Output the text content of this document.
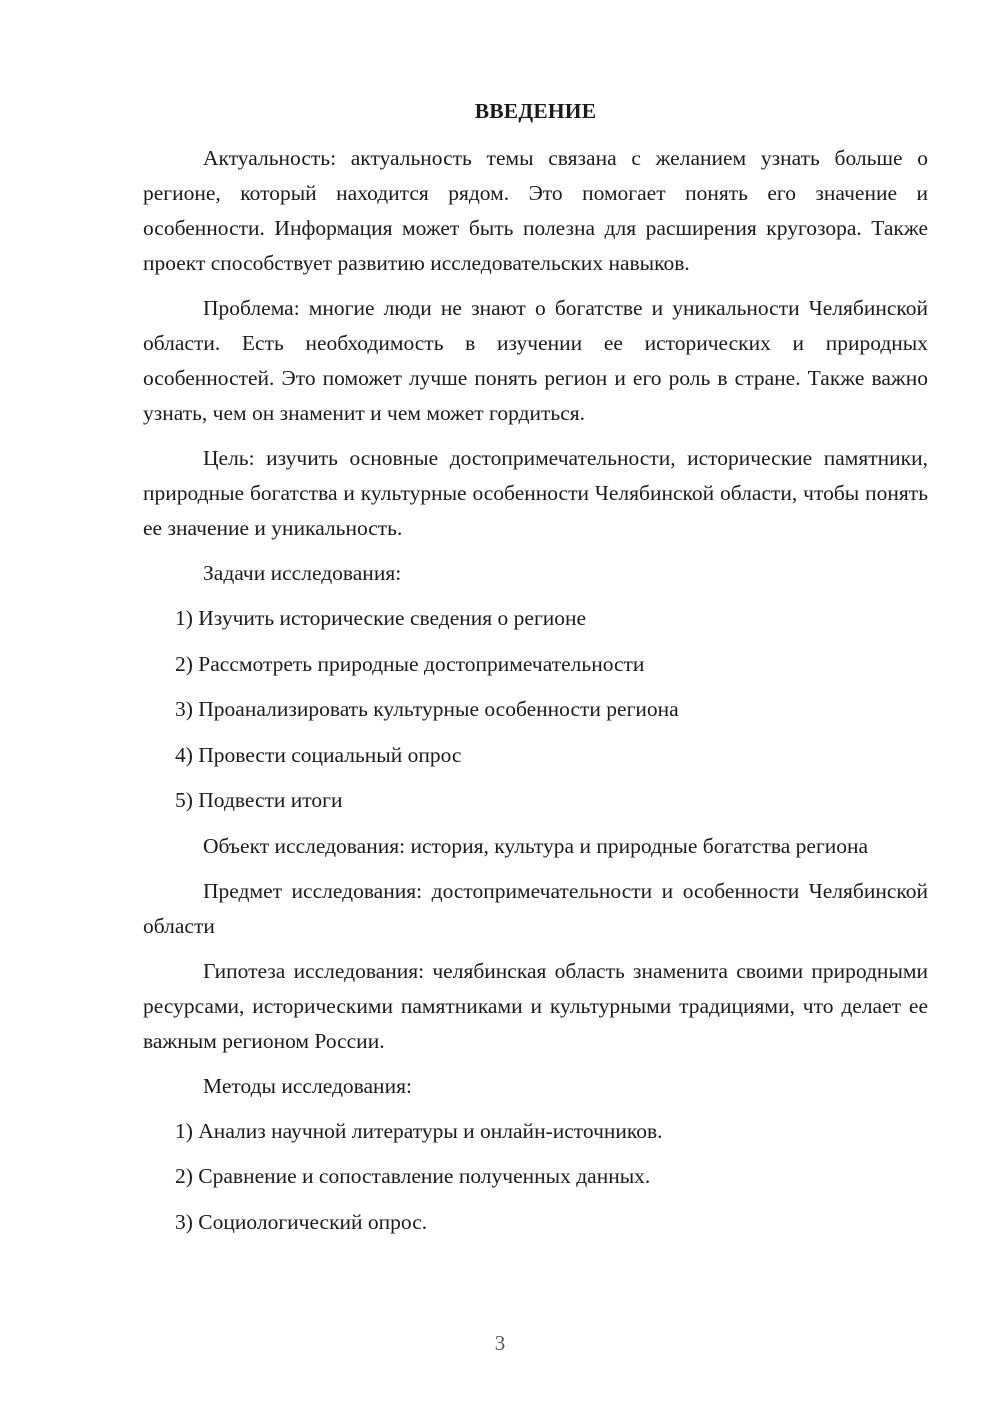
ВВЕДЕНИЕ

Актуальность: актуальность темы связана с желанием узнать больше о регионе, который находится рядом. Это помогает понять его значение и особенности. Информация может быть полезна для расширения кругозора. Также проект способствует развитию исследовательских навыков.

Проблема: многие люди не знают о богатстве и уникальности Челябинской области. Есть необходимость в изучении ее исторических и природных особенностей. Это поможет лучше понять регион и его роль в стране. Также важно узнать, чем он знаменит и чем может гордиться.

Цель: изучить основные достопримечательности, исторические памятники, природные богатства и культурные особенности Челябинской области, чтобы понять ее значение и уникальность.

Задачи исследования:

1) Изучить исторические сведения о регионе
2) Рассмотреть природные достопримечательности
3) Проанализировать культурные особенности региона
4) Провести социальный опрос
5) Подвести итоги

Объект исследования: история, культура и природные богатства региона

Предмет исследования: достопримечательности и особенности Челябинской области

Гипотеза исследования: челябинская область знаменита своими природными ресурсами, историческими памятниками и культурными традициями, что делает ее важным регионом России.

Методы исследования:

1) Анализ научной литературы и онлайн-источников.
2) Сравнение и сопоставление полученных данных.
3) Социологический опрос.
3
